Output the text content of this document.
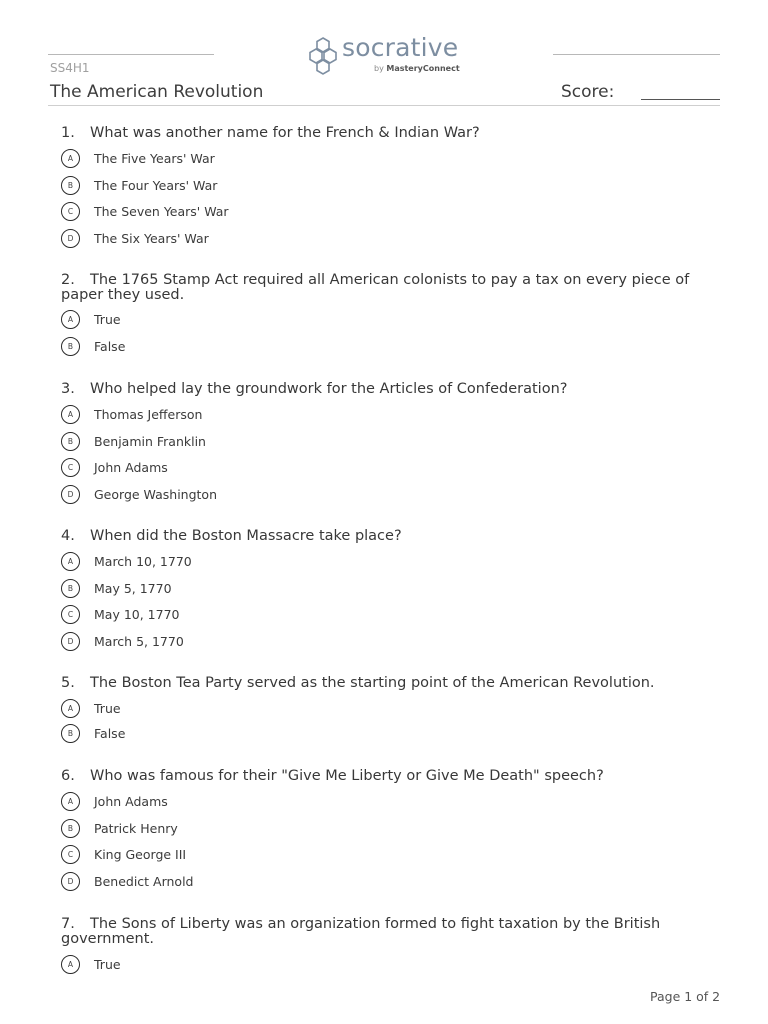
socrative
by MasteryConnect
SS4H1
The American Revolution	Score:

1. What was another name for the French & Indian War?

A	The Five Years' War
B	The Four Years' War
C	The Seven Years' War
D	The Six Years' War

2. The 1765 Stamp Act required all American colonists to pay a tax on every piece of paper they used.

A	True
B	False

3. Who helped lay the groundwork for the Articles of Confederation?

A	Thomas Jefferson
B	Benjamin Franklin
C	John Adams
D	George Washington

4. When did the Boston Massacre take place?

A	March 10, 1770
B	May 5, 1770
C	May 10, 1770
D	March 5, 1770

5. The Boston Tea Party served as the starting point of the American Revolution.

A	True
B	False

6. Who was famous for their "Give Me Liberty or Give Me Death" speech?

A	John Adams
B	Patrick Henry
C	King George III
D	Benedict Arnold

7. The Sons of Liberty was an organization formed to fight taxation by the British government.

A	True
Page 1 of 2
